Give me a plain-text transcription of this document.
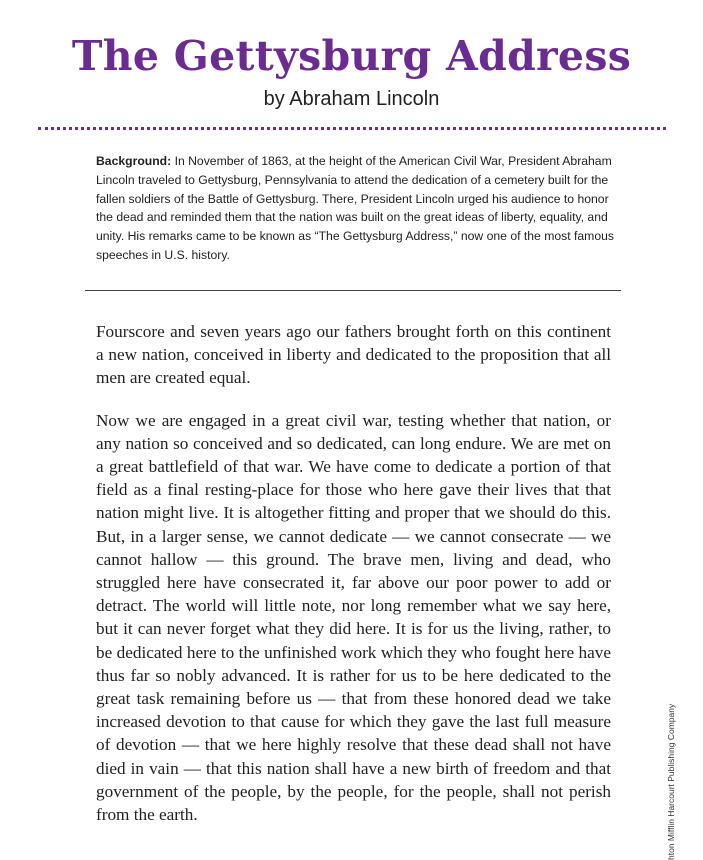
The Gettysburg Address
by Abraham Lincoln
Background: In November of 1863, at the height of the American Civil War, President Abraham Lincoln traveled to Gettysburg, Pennsylvania to attend the dedication of a cemetery built for the fallen soldiers of the Battle of Gettysburg. There, President Lincoln urged his audience to honor the dead and reminded them that the nation was built on the great ideas of liberty, equality, and unity. His remarks came to be known as “The Gettysburg Address,” now one of the most famous speeches in U.S. history.

Fourscore and seven years ago our fathers brought forth on this continent a new nation, conceived in liberty and dedicated to the proposition that all men are created equal.

Now we are engaged in a great civil war, testing whether that nation, or any nation so conceived and so dedicated, can long endure. We are met on a great battlefield of that war. We have come to dedicate a portion of that field as a final resting-place for those who here gave their lives that that nation might live. It is altogether fitting and proper that we should do this. But, in a larger sense, we cannot dedicate — we cannot consecrate — we cannot hallow — this ground. The brave men, living and dead, who struggled here have consecrated it, far above our poor power to add or detract. The world will little note, nor long remember what we say here, but it can never forget what they did here. It is for us the living, rather, to be dedicated here to the unfinished work which they who fought here have thus far so nobly advanced. It is rather for us to be here dedicated to the great task remaining before us — that from these honored dead we take increased devotion to that cause for which they gave the last full measure of devotion — that we here highly resolve that these dead shall not have died in vain — that this nation shall have a new birth of freedom and that government of the people, by the people, for the people, shall not perish from the earth.	hton Mifflin Harcourt Publishing Company
